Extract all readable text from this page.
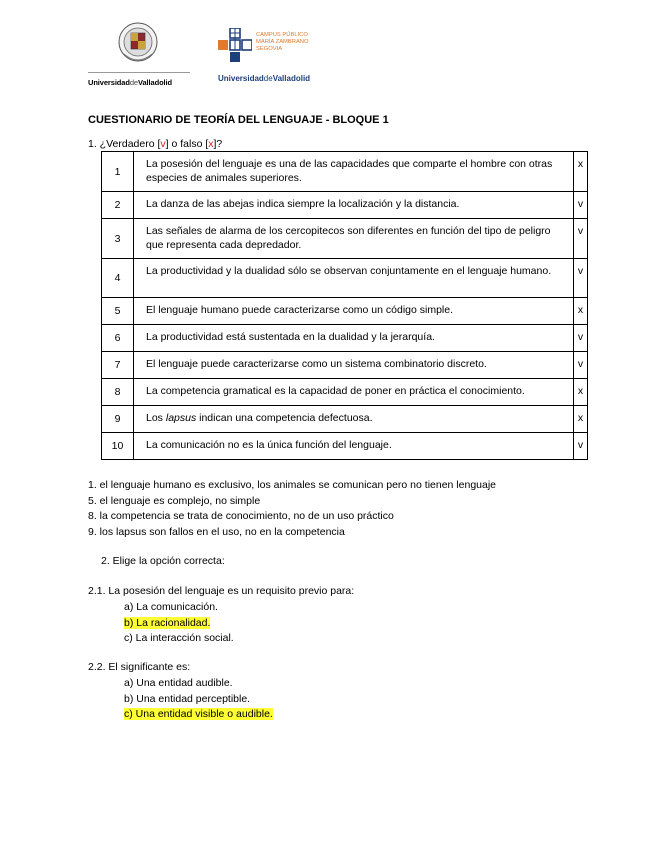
UniversidaddeValladolid
CAMPUS PÚBLICO
MARÍA ZAMBRANO
SEGOVIA
UniversidaddeValladolid
CUESTIONARIO DE TEORÍA DEL LENGUAJE - BLOQUE 1
1. ¿Verdadero [v] o falso [x]?
1	La posesión del lenguaje es una de las capacidades que comparte el hombre con otras especies de animales superiores.	x
2	La danza de las abejas indica siempre la localización y la distancia.	v
3	Las señales de alarma de los cercopitecos son diferentes en función del tipo de peligro que representa cada depredador.	v
4	La productividad y la dualidad sólo se observan conjuntamente en el lenguaje humano.	v
5	El lenguaje humano puede caracterizarse como un código simple.	x
6	La productividad está sustentada en la dualidad y la jerarquía.	v
7	El lenguaje puede caracterizarse como un sistema combinatorio discreto.	v
8	La competencia gramatical es la capacidad de poner en práctica el conocimiento.	x
9	Los lapsus indican una competencia defectuosa.	x
10	La comunicación no es la única función del lenguaje.	v
1. el lenguaje humano es exclusivo, los animales se comunican pero no tienen lenguaje
5. el lenguaje es complejo, no simple
8. la competencia se trata de conocimiento, no de un uso práctico
9. los lapsus son fallos en el uso, no en la competencia
2. Elige la opción correcta:
2.1. La posesión del lenguaje es un requisito previo para:
a) La comunicación.
b) La racionalidad.
c) La interacción social.
2.2. El significante es:
a) Una entidad audible.
b) Una entidad perceptible.
c) Una entidad visible o audible.
